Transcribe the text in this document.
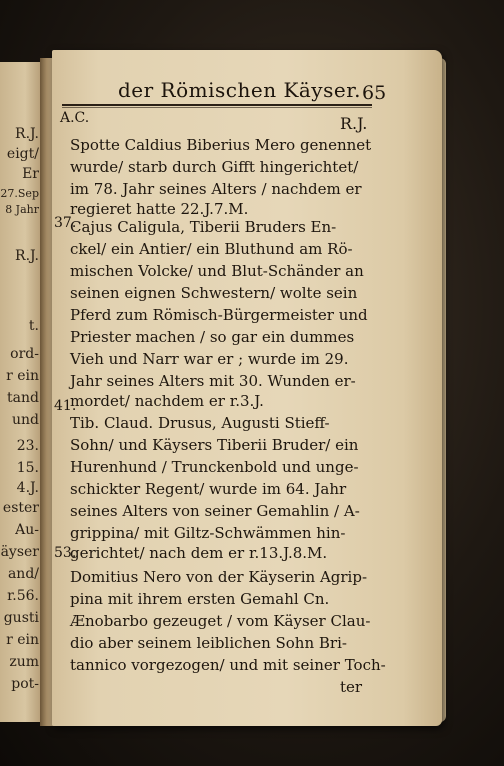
R.J.
eigt/
Er
27.Sep
8 Jahr
R.J.
t.
ord-
r ein
tand
und
23.
15.
4.J.
ester
Au-
äyser
and/
r.56.
gusti
r ein
zum
pot-
der Römischen Käyser. 65
A.C.	R.J.
37.
41.
53.
Spotte Caldius Biberius Mero genennet
wurde/ starb durch Gifft hingerichtet/
im 78. Jahr seines Alters / nachdem er
regieret hatte 22.J.7.M.
Cajus Caligula, Tiberii Bruders En-
ckel/ ein Antier/ ein Bluthund am Rö-
mischen Volcke/ und Blut-Schänder an
seinen eignen Schwestern/ wolte sein
Pferd zum Römisch-Bürgermeister und
Priester machen / so gar ein dummes
Vieh und Narr war er ; wurde im 29.
Jahr seines Alters mit 30. Wunden er-
mordet/ nachdem er r.3.J.
Tib. Claud. Drusus, Augusti Stieff-
Sohn/ und Käysers Tiberii Bruder/ ein
Hurenhund / Trunckenbold und unge-
schickter Regent/ wurde im 64. Jahr
seines Alters von seiner Gemahlin / A-
grippina/ mit Giltz-Schwämmen hin-
gerichtet/ nach dem er r.13.J.8.M.
Domitius Nero von der Käyserin Agrip-
pina mit ihrem ersten Gemahl Cn.
Ænobarbo gezeuget / vom Käyser Clau-
dio aber seinem leiblichen Sohn Bri-
tannico vorgezogen/ und mit seiner Toch-
ter
